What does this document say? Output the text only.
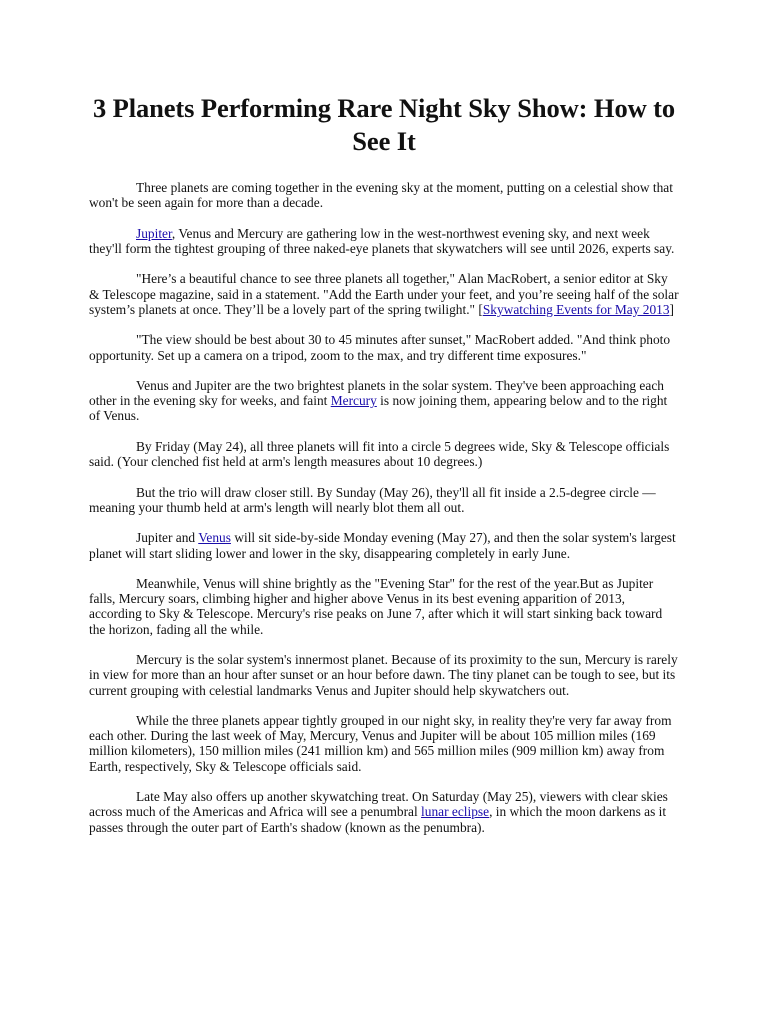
3 Planets Performing Rare Night Sky Show: How to See It

Three planets are coming together in the evening sky at the moment, putting on a celestial show that won't be seen again for more than a decade.

Jupiter, Venus and Mercury are gathering low in the west-northwest evening sky, and next week they'll form the tightest grouping of three naked-eye planets that skywatchers will see until 2026, experts say.

"Here’s a beautiful chance to see three planets all together," Alan MacRobert, a senior editor at Sky & Telescope magazine, said in a statement. "Add the Earth under your feet, and you’re seeing half of the solar system’s planets at once. They’ll be a lovely part of the spring twilight." [Skywatching Events for May 2013]

"The view should be best about 30 to 45 minutes after sunset," MacRobert added. "And think photo opportunity. Set up a camera on a tripod, zoom to the max, and try different time exposures."

Venus and Jupiter are the two brightest planets in the solar system. They've been approaching each other in the evening sky for weeks, and faint Mercury is now joining them, appearing below and to the right of Venus.

By Friday (May 24), all three planets will fit into a circle 5 degrees wide, Sky & Telescope officials said. (Your clenched fist held at arm's length measures about 10 degrees.)

But the trio will draw closer still. By Sunday (May 26), they'll all fit inside a 2.5-degree circle — meaning your thumb held at arm's length will nearly blot them all out.

Jupiter and Venus will sit side-by-side Monday evening (May 27), and then the solar system's largest planet will start sliding lower and lower in the sky, disappearing completely in early June.

Meanwhile, Venus will shine brightly as the "Evening Star" for the rest of the year.But as Jupiter falls, Mercury soars, climbing higher and higher above Venus in its best evening apparition of 2013, according to Sky & Telescope. Mercury's rise peaks on June 7, after which it will start sinking back toward the horizon, fading all the while.

Mercury is the solar system's innermost planet. Because of its proximity to the sun, Mercury is rarely in view for more than an hour after sunset or an hour before dawn. The tiny planet can be tough to see, but its current grouping with celestial landmarks Venus and Jupiter should help skywatchers out.

While the three planets appear tightly grouped in our night sky, in reality they're very far away from each other. During the last week of May, Mercury, Venus and Jupiter will be about 105 million miles (169 million kilometers), 150 million miles (241 million km) and 565 million miles (909 million km) away from Earth, respectively, Sky & Telescope officials said.

Late May also offers up another skywatching treat. On Saturday (May 25), viewers with clear skies across much of the Americas and Africa will see a penumbral lunar eclipse, in which the moon darkens as it passes through the outer part of Earth's shadow (known as the penumbra).
